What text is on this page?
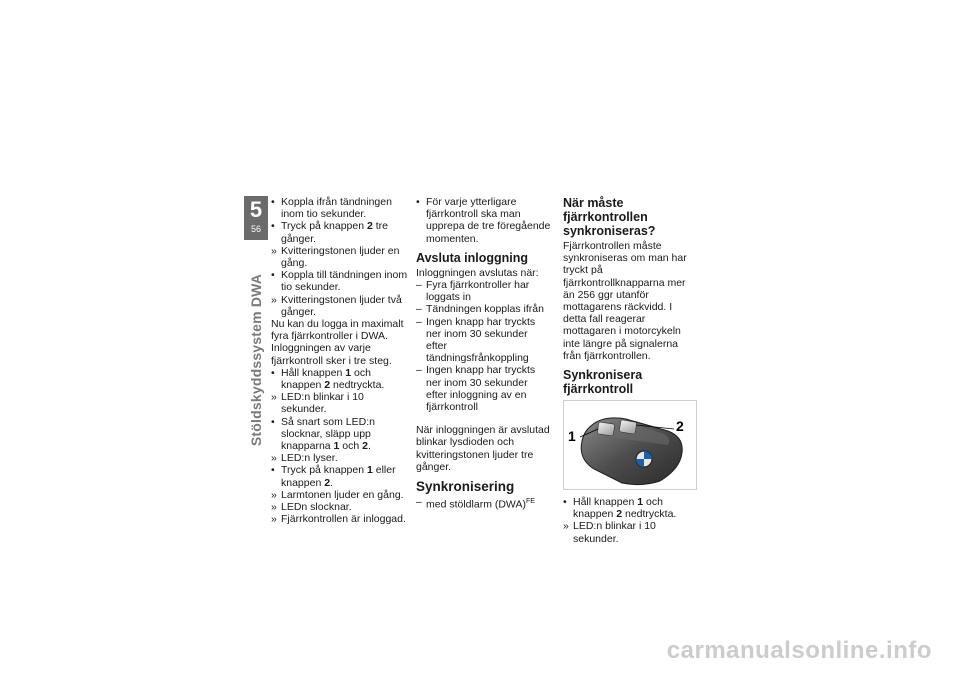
5
56
Stöldskyddssystem DWA
• Koppla ifrån tändningen inom tio sekunder.
• Tryck på knappen 2 tre gånger.
» Kvitteringstonen ljuder en gång.
• Koppla till tändningen inom tio sekunder.
» Kvitteringstonen ljuder två gånger.

Nu kan du logga in maximalt fyra fjärrkontroller i DWA. Inloggningen av varje fjärrkontroll sker i tre steg.

• Håll knappen 1 och knappen 2 nedtryckta.
» LED:n blinkar i 10 sekunder.
• Så snart som LED:n slocknar, släpp upp knapparna 1 och 2.
» LED:n lyser.
• Tryck på knappen 1 eller knappen 2.
» Larmtonen ljuder en gång.
» LEDn slocknar.
» Fjärrkontrollen är inloggad.
• För varje ytterligare fjärrkontroll ska man upprepa de tre föregående momenten.
Avsluta inloggning

Inloggningen avslutas när:

– Fyra fjärrkontroller har loggats in
– Tändningen kopplas ifrån
– Ingen knapp har tryckts ner inom 30 sekunder efter tändningsfrånkoppling
– Ingen knapp har tryckts ner inom 30 sekunder efter inloggning av en fjärrkontroll

När inloggningen är avslutad blinkar lysdioden och kvitteringstonen ljuder tre gånger.

Synkronisering
– med stöldlarm (DWA)$^{FE}$
När måste fjärrkontrollen synkroniseras?

Fjärrkontrollen måste synkroniseras om man har tryckt på fjärrkontrollknapparna mer än 256 ggr utanför mottagarens räckvidd. I detta fall reagerar mottagaren i motorcykeln inte längre på signalerna från fjärrkontrollen.

Synkronisera fjärrkontroll
1
2
• Håll knappen 1 och knappen 2 nedtryckta.
» LED:n blinkar i 10 sekunder.
carmanualsonline.info
